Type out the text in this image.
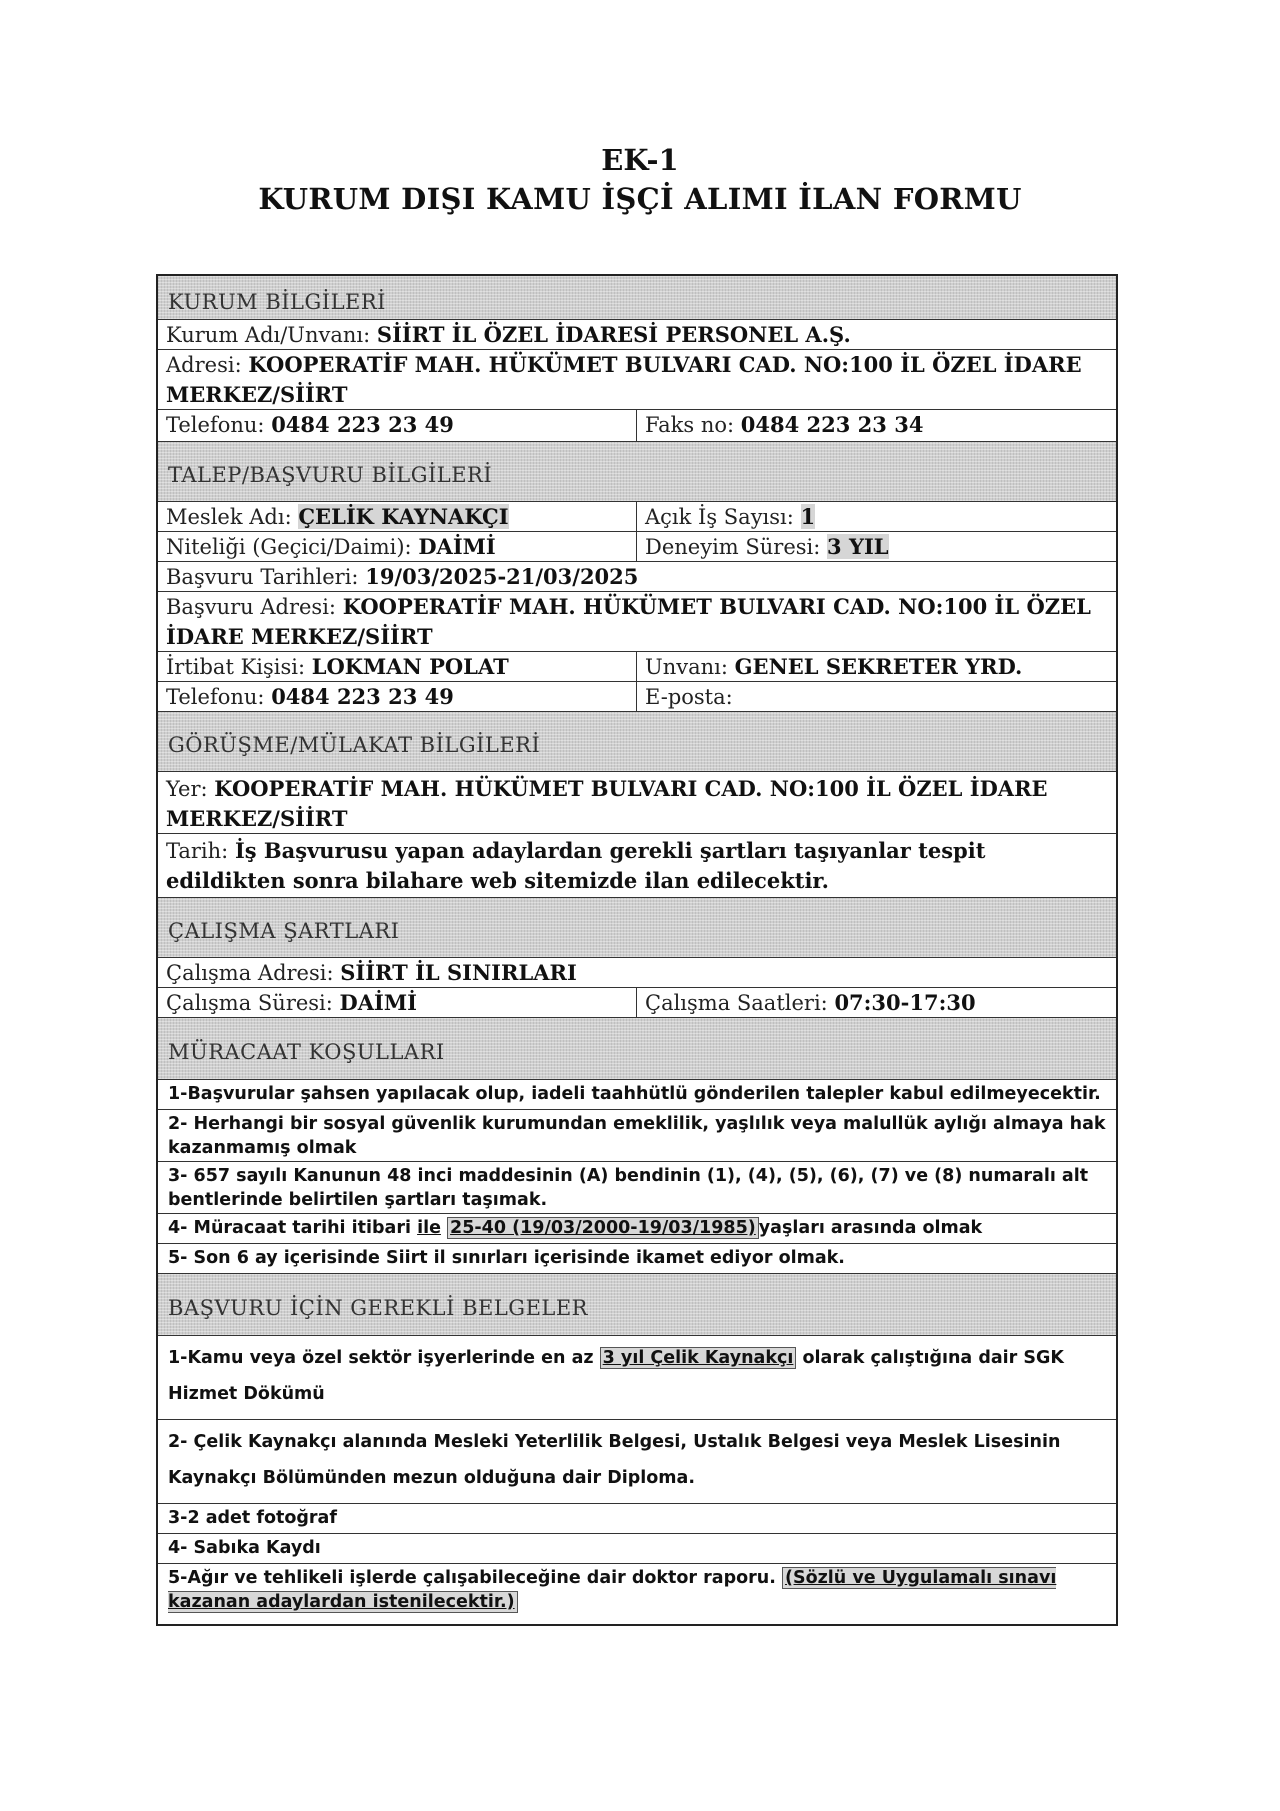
EK-1
KURUM DIŞI KAMU İŞÇİ ALIMI İLAN FORMU
KURUM BİLGİLERİ
Kurum Adı/Unvanı: SİİRT İL ÖZEL İDARESİ PERSONEL A.Ş.
Adresi: KOOPERATİF MAH. HÜKÜMET BULVARI CAD. NO:100 İL ÖZEL İDARE MERKEZ/SİİRT
Telefonu: 0484 223 23 49	Faks no: 0484 223 23 34
TALEP/BAŞVURU BİLGİLERİ
Meslek Adı: ÇELİK KAYNAKÇI	Açık İş Sayısı: 1
Niteliği (Geçici/Daimi): DAİMİ	Deneyim Süresi: 3 YIL
Başvuru Tarihleri: 19/03/2025-21/03/2025
Başvuru Adresi: KOOPERATİF MAH. HÜKÜMET BULVARI CAD. NO:100 İL ÖZEL İDARE MERKEZ/SİİRT
İrtibat Kişisi: LOKMAN POLAT	Unvanı: GENEL SEKRETER YRD.
Telefonu: 0484 223 23 49	E-posta:
GÖRÜŞME/MÜLAKAT BİLGİLERİ
Yer: KOOPERATİF MAH. HÜKÜMET BULVARI CAD. NO:100 İL ÖZEL İDARE MERKEZ/SİİRT
Tarih: İş Başvurusu yapan adaylardan gerekli şartları taşıyanlar tespit edildikten sonra bilahare web sitemizde ilan edilecektir.
ÇALIŞMA ŞARTLARI
Çalışma Adresi: SİİRT İL SINIRLARI
Çalışma Süresi: DAİMİ	Çalışma Saatleri: 07:30-17:30
MÜRACAAT KOŞULLARI
1-Başvurular şahsen yapılacak olup, iadeli taahhütlü gönderilen talepler kabul edilmeyecektir.
2- Herhangi bir sosyal güvenlik kurumundan emeklilik, yaşlılık veya malullük aylığı almaya hak kazanmamış olmak
3- 657 sayılı Kanunun 48 inci maddesinin (A) bendinin (1), (4), (5), (6), (7) ve (8) numaralı alt bentlerinde belirtilen şartları taşımak.
4- Müracaat tarihi itibari ile 25-40 (19/03/2000-19/03/1985) yaşları arasında olmak
5- Son 6 ay içerisinde Siirt il sınırları içerisinde ikamet ediyor olmak.
BAŞVURU İÇİN GEREKLİ BELGELER
1-Kamu veya özel sektör işyerlerinde en az 3 yıl Çelik Kaynakçı olarak çalıştığına dair SGK Hizmet Dökümü
2- Çelik Kaynakçı alanında Mesleki Yeterlilik Belgesi, Ustalık Belgesi veya Meslek Lisesinin Kaynakçı Bölümünden mezun olduğuna dair Diploma.
3-2 adet fotoğraf
4- Sabıka Kaydı
5-Ağır ve tehlikeli işlerde çalışabileceğine dair doktor raporu. (Sözlü ve Uygulamalı sınavı kazanan adaylardan istenilecektir.)
